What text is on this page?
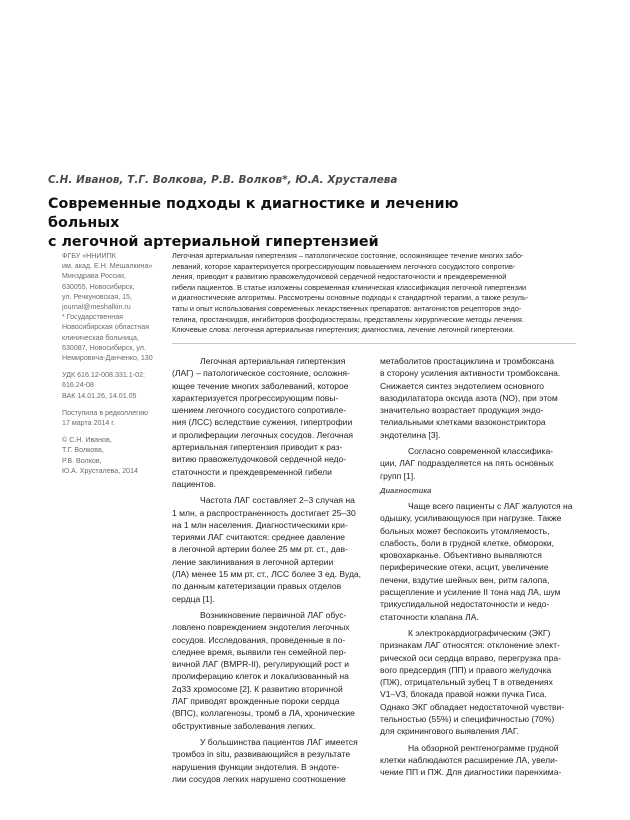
С.Н. Иванов, Т.Г. Волкова, Р.В. Волков*, Ю.А. Хрусталева
Современные подходы к диагностике и лечению больных
с легочной артериальной гипертензией

ФГБУ «ННИИПК

им. акад. Е.Н. Мешалкина»

Минздрава России,

630055, Новосибирск,

ул. Речкуновская, 15,

journal@meshalkin.ru

* Государственная

Новосибирская областная

клиническая больница,

630087, Новосибирск, ул.

Немировича-Данченко, 130

УДК 616.12-008.331.1-02:

616.24-08

ВАК 14.01.26, 14.01.05

Поступила в редколлегию

17 марта 2014 г.

© С.Н. Иванов,

Т.Г. Волкова,

Р.В. Волков,

Ю.А. Хрусталева, 2014

Легочная артериальная гипертензия – патологическое состояние, осложняющее течение многих забо-

леваний, которое характеризуется прогрессирующим повышением легочного сосудистого сопротив-

ления, приводит к развитию правожелудочковой сердечной недостаточности и преждевременной

гибели пациентов. В статье изложены современная клиническая классификация легочной гипертензии

и диагностические алгоритмы. Рассмотрены основные подходы к стандартной терапии, а также резуль-

таты и опыт использования современных лекарственных препаратов: антагонистов рецепторов эндо-

телина, простаноидов, ингибиторов фосфодиэстеразы, представлены хирургические методы лечения.

Ключевые слова: легочная артериальная гипертензия; диагностика, лечение легочной гипертензии.

Легочная артериальная гипертензия

(ЛАГ) – патологическое состояние, осложня-

ющее течение многих заболеваний, которое

характеризуется прогрессирующим повы-

шением легочного сосудистого сопротивле-

ния (ЛСС) вследствие сужения, гипертрофии

и пролиферации легочных сосудов. Легочная

артериальная гипертензия приводит к раз-

витию правожелудочковой сердечной недо-

статочности и преждевременной гибели

пациентов.

Частота ЛАГ составляет 2–3 случая на

1 млн, а распространенность достигает 25–30

на 1 млн населения. Диагностическими кри-

териями ЛАГ считаются: среднее давление

в легочной артерии более 25 мм рт. ст., дав-

ление заклинивания в легочной артерии

(ЛА) менее 15 мм рт. ст., ЛСС более 3 ед. Вуда,

по данным катетеризации правых отделов

сердца [1].

Возникновение первичной ЛАГ обус-

ловлено повреждением эндотелия легочных

сосудов. Исследования, проведенные в по-

следнее время, выявили ген семейной пер-

вичной ЛАГ (BMPR-II), регулирующий рост и

пролиферацию клеток и локализованный на

2q33 хромосоме [2]. К развитию вторичной

ЛАГ приводят врожденные пороки сердца

(ВПС), коллагенозы, тромб в ЛА, хронические

обструктивные заболевания легких.

У большинства пациентов ЛАГ имеется

тромбоз in situ, развивающийся в результате

нарушения функции эндотелия. В эндоте-

лии сосудов легких нарушено соотношение

метаболитов простациклина и тромбоксана

в сторону усиления активности тромбоксана.

Снижается синтез эндотелием основного

вазодилататора оксида азота (NO), при этом

значительно возрастает продукция эндо-

телиальными клетками вазоконстриктора

эндотелина [3].

Согласно современной классифика-

ции, ЛАГ подразделяется на пять основных

групп [1].

Диагностика

Чаще всего пациенты с ЛАГ жалуются на

одышку, усиливающуюся при нагрузке. Также

больных может беспокоить утомляемость,

слабость, боли в грудной клетке, обмороки,

кровохарканье. Объективно выявляются

периферические отеки, асцит, увеличение

печени, вздутие шейных вен, ритм галопа,

расщепление и усиление II тона над ЛА, шум

трикуспидальной недостаточности и недо-

статочности клапана ЛА.

К электрокардиографическим (ЭКГ)

признакам ЛАГ относятся: отклонение элект-

рической оси сердца вправо, перегрузка пра-

вого предсердия (ПП) и правого желудочка

(ПЖ), отрицательный зубец Т в отведениях

V1–V3, блокада правой ножки пучка Гиса.

Однако ЭКГ обладает недостаточной чувстви-

тельностью (55%) и специфичностью (70%)

для скринингового выявления ЛАГ.

На обзорной рентгенограмме грудной

клетки наблюдаются расширение ЛА, увели-

чение ПП и ПЖ. Для диагностики паренхима-
